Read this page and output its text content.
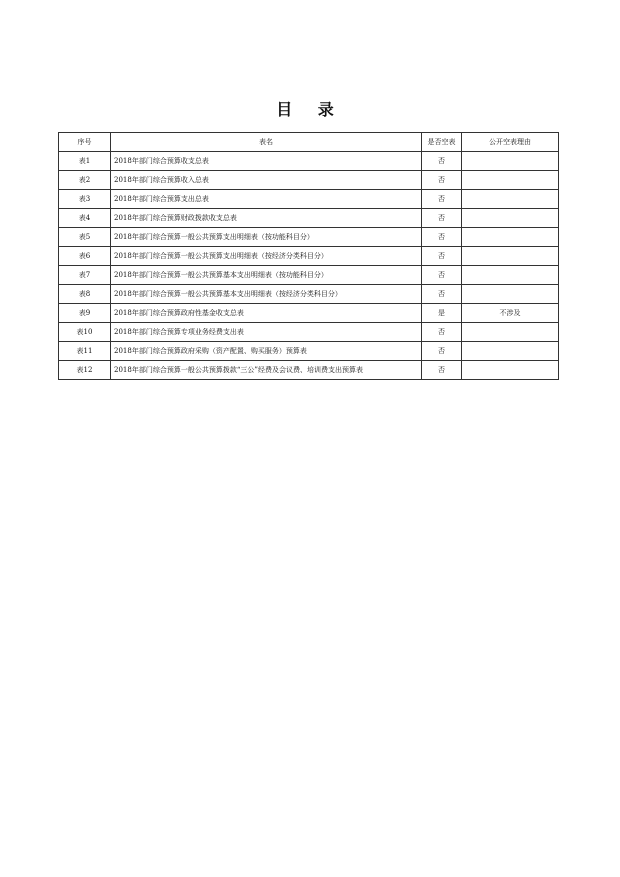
目 录
序号	表名	是否空表	公开空表理由
表1	2018年部门综合预算收支总表	否	
表2	2018年部门综合预算收入总表	否	
表3	2018年部门综合预算支出总表	否	
表4	2018年部门综合预算财政拨款收支总表	否	
表5	2018年部门综合预算一般公共预算支出明细表（按功能科目分）	否	
表6	2018年部门综合预算一般公共预算支出明细表（按经济分类科目分）	否	
表7	2018年部门综合预算一般公共预算基本支出明细表（按功能科目分）	否	
表8	2018年部门综合预算一般公共预算基本支出明细表（按经济分类科目分）	否	
表9	2018年部门综合预算政府性基金收支总表	是	不涉及
表10	2018年部门综合预算专项业务经费支出表	否	
表11	2018年部门综合预算政府采购（资产配置、购买服务）预算表	否	
表12	2018年部门综合预算一般公共预算拨款“三公”经费及会议费、培训费支出预算表	否	
